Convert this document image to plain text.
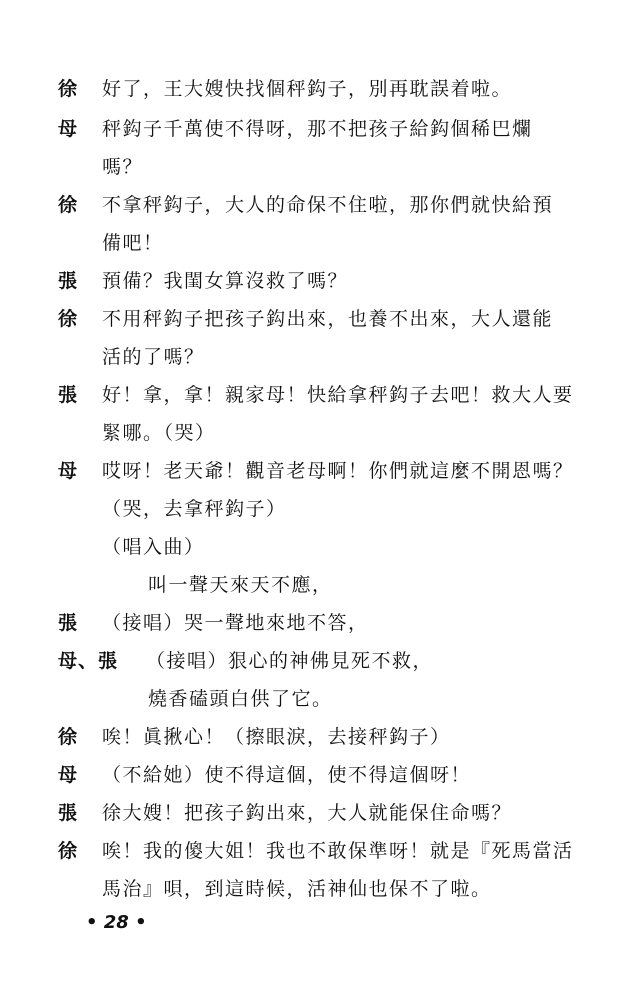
徐 好了，王大嫂快找個秤鈎子，別再耽誤着啦。
母 秤鈎子千萬使不得呀，那不把孩子給鈎個稀巴爛
嗎？
徐 不拿秤鈎子，大人的命保不住啦，那你們就快給預
備吧！
張 預備？我閨女算沒救了嗎？
徐 不用秤鈎子把孩子鈎出來，也養不出來，大人還能
活的了嗎？
張 好！拿，拿！親家母！快給拿秤鈎子去吧！救大人要
緊哪。（哭）
母 哎呀！老天爺！觀音老母啊！你們就這麼不開恩嗎？
（哭，去拿秤鈎子）
（唱入曲）
叫一聲天來天不應，
張 （接唱）哭一聲地來地不答，
母、張 （接唱）狠心的神佛見死不救，
燒香磕頭白供了它。
徐 唉！眞揪心！（擦眼淚，去接秤鈎子）
母 （不給她）使不得這個，使不得這個呀！
張 徐大嫂！把孩子鈎出來，大人就能保住命嗎？
徐 唉！我的傻大姐！我也不敢保準呀！就是『死馬當活
馬治』唄，到這時候，活神仙也保不了啦。
• 28 •
